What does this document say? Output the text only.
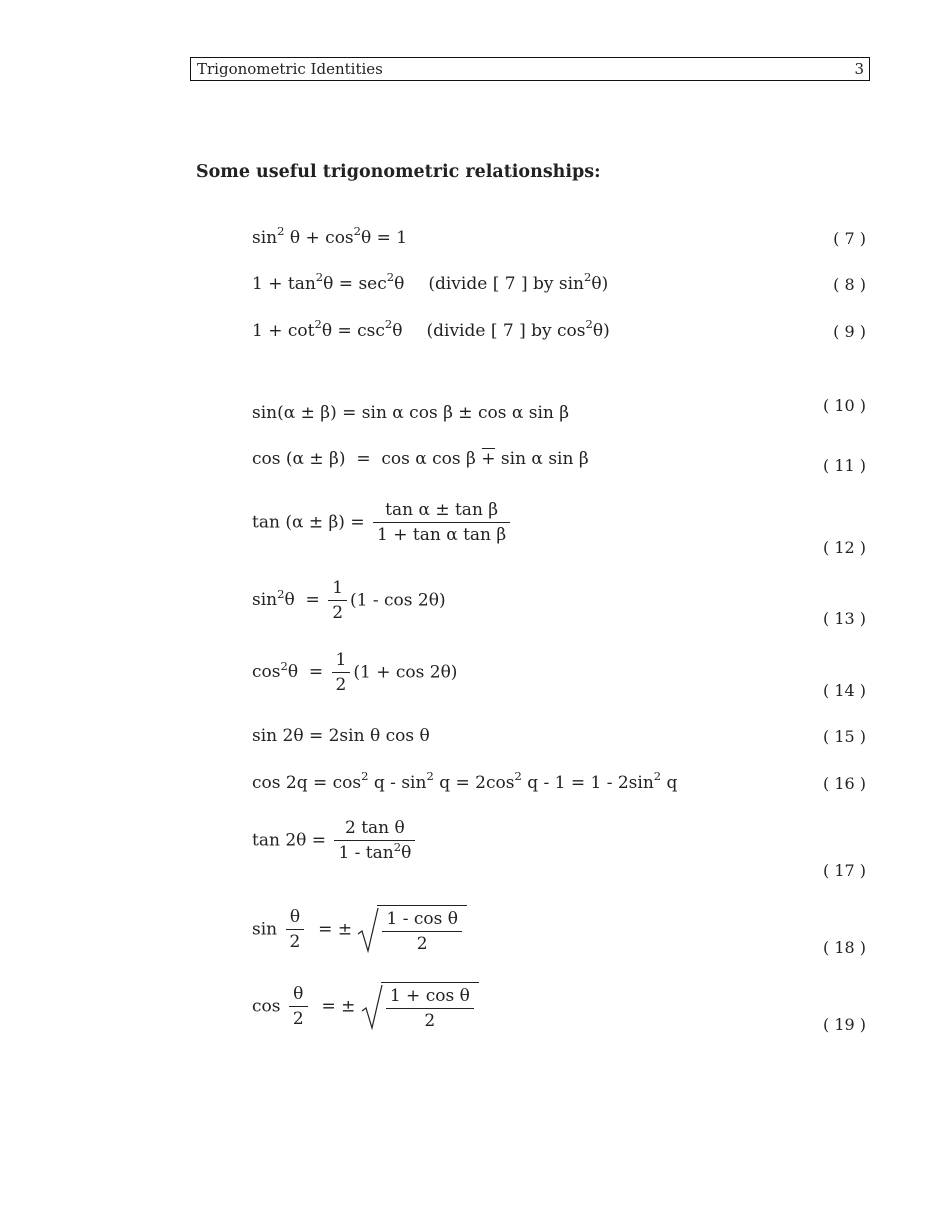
Trigonometric Identities	3
Some useful trigonometric relationships:
$\sin^2 \theta + \cos^2\theta = 1$	( 7 )
$1 + \tan^2\theta = \sec^2\theta$ (divide [ 7 ] by $\sin^2\theta$)	( 8 )
$1 + \cot^2\theta = \csc^2\theta$ (divide [ 7 ] by $\cos^2\theta$)	( 9 )
sin(α ± β) = sin α cos β ± cos α sin β	( 10 )
cos (α ± β)  =  cos α cos β + sin α sin β	( 11 )
$\tan (\alpha \pm \beta) = \frac{\text{tan α ± tan β}}{\text{1 + tan α tan β}}$
( 12 )
$\sin^2\theta = \frac{1}{2} (1 - \cos 2\theta)$
( 13 )
$\cos^2\theta = \frac{1}{2} (1 + \cos 2\theta)$
( 14 )
sin 2θ = 2sin θ cos θ	( 15 )
$\cos 2q = \cos^2 q - \sin^2 q = 2\cos^2$ $q - 1 = 1 - 2\sin^2$ q	( 16 )
$\tan 2\theta = \frac{\text{2 tan θ}}{1 - \tan^2\theta}$
( 17 )
$\sin \frac{\theta}{2}$ = ± $\frac{\text{1 - cos θ}}{2}$	( 18 )
$\cos \frac{\theta}{2}$ = ± $\frac{\text{1 + cos θ}}{2}$	( 19 )
